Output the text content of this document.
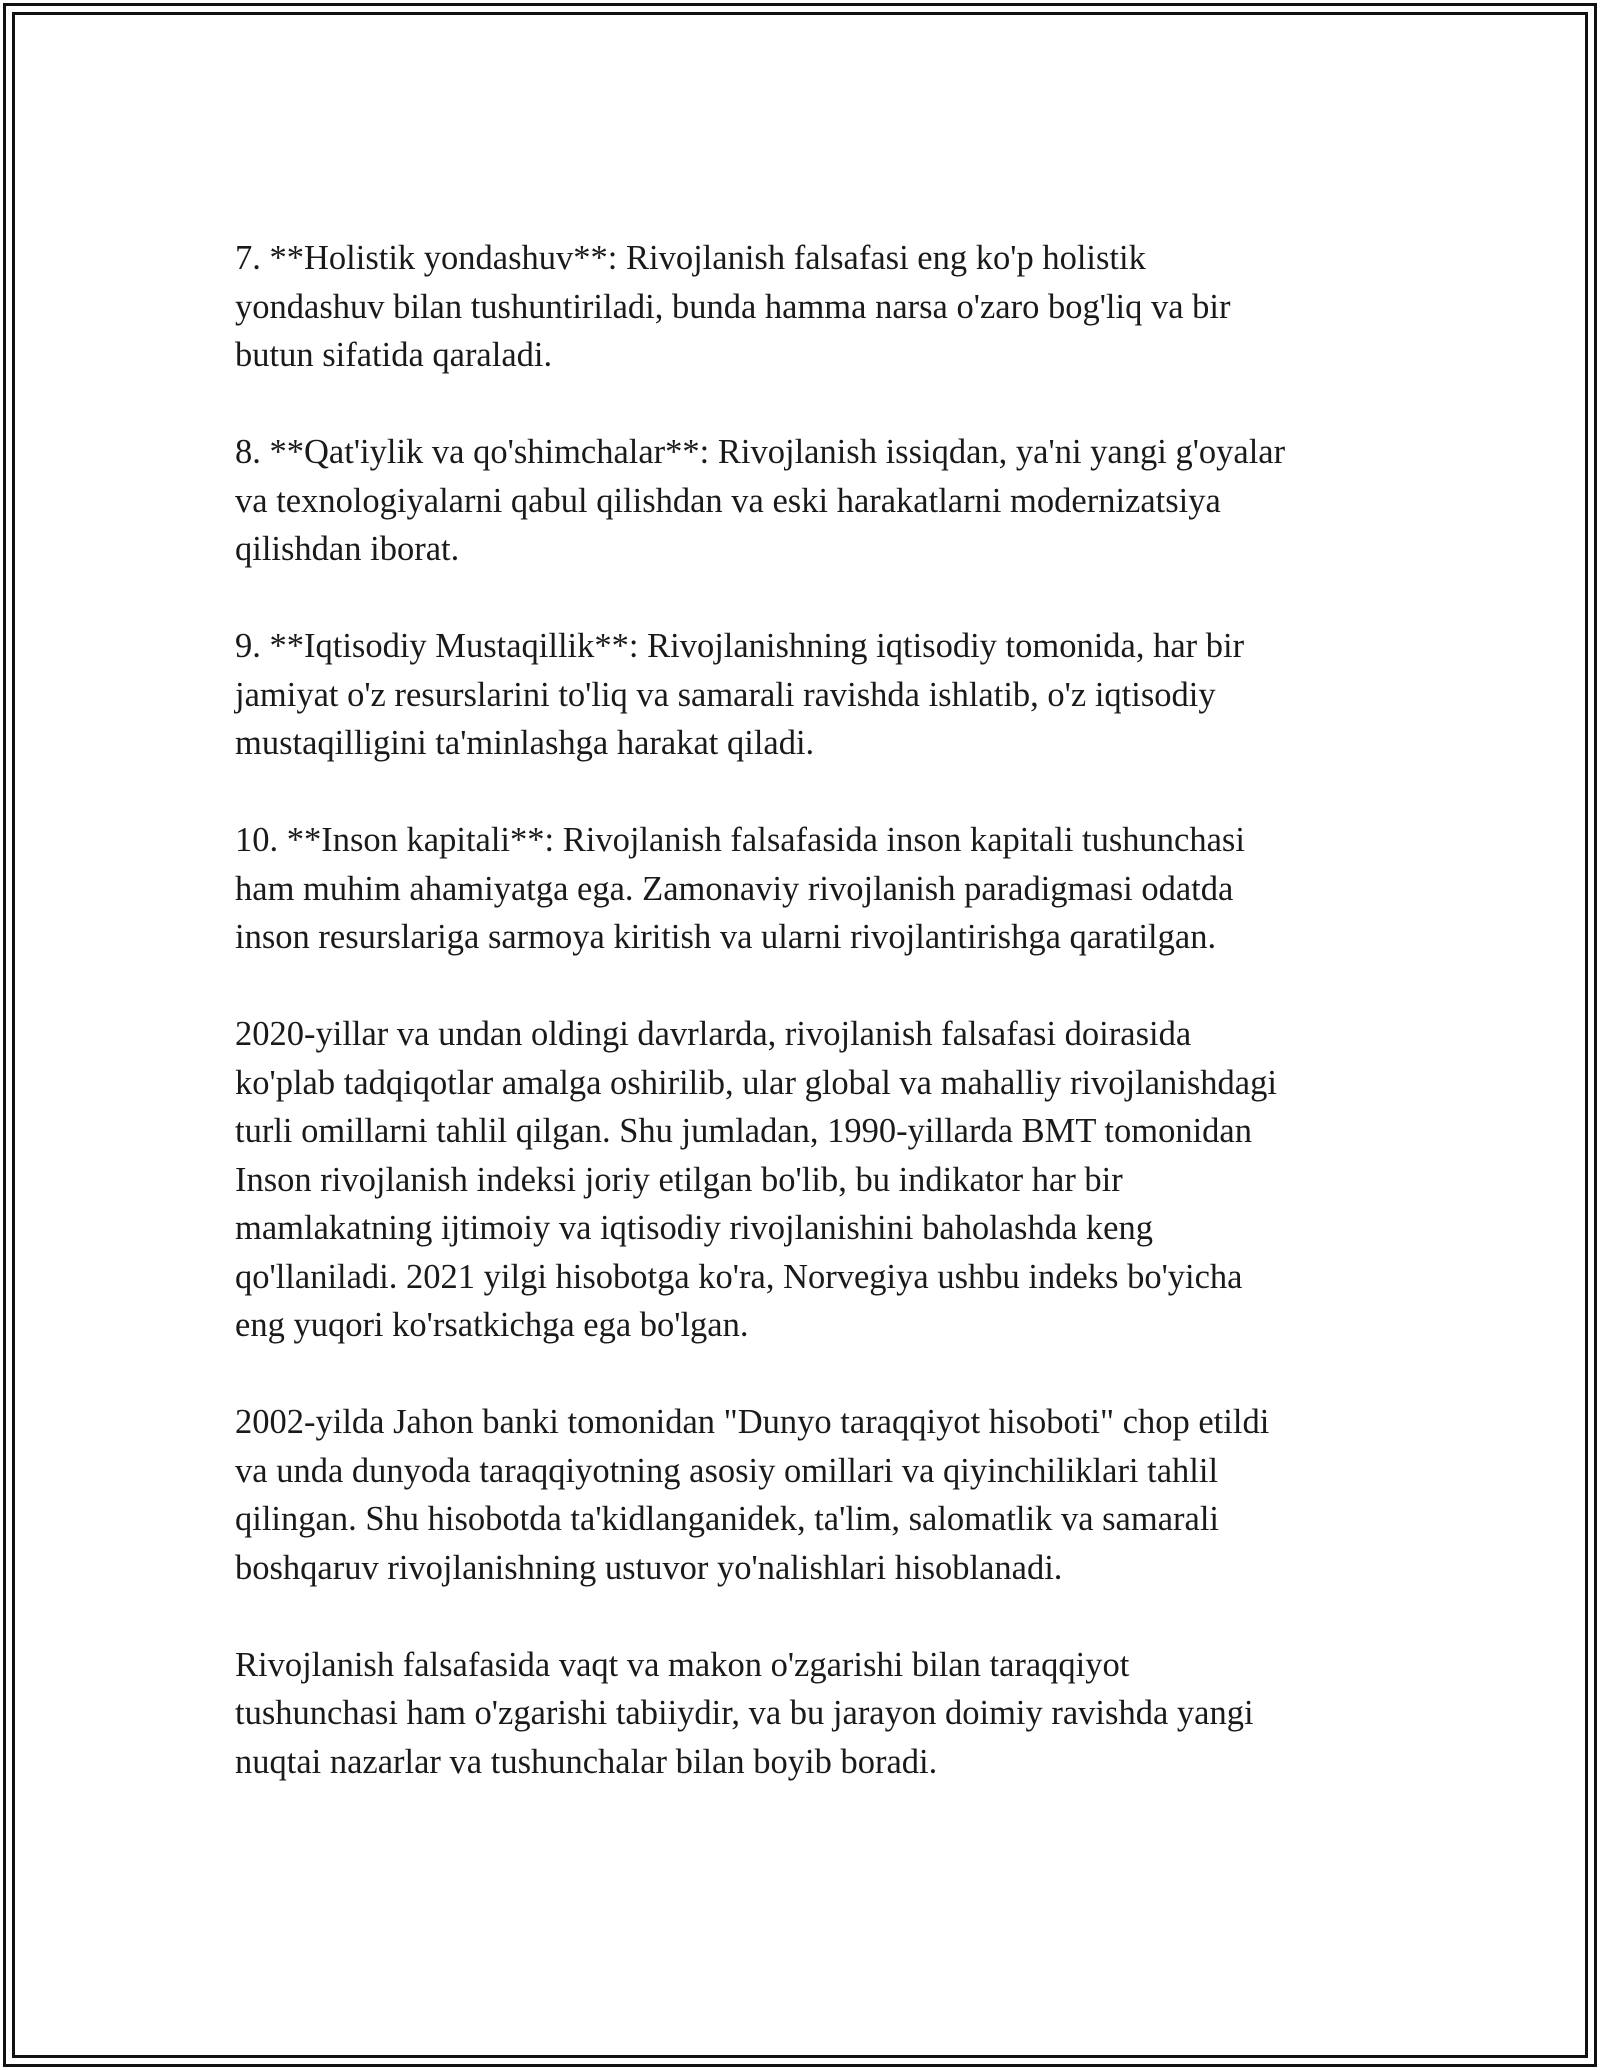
7. **Holistik yondashuv**: Rivojlanish falsafasi eng ko'p holistik
yondashuv bilan tushuntiriladi, bunda hamma narsa o'zaro bog'liq va bir
butun sifatida qaraladi.

8. **Qat'iylik va qo'shimchalar**: Rivojlanish issiqdan, ya'ni yangi g'oyalar
va texnologiyalarni qabul qilishdan va eski harakatlarni modernizatsiya
qilishdan iborat.

9. **Iqtisodiy Mustaqillik**: Rivojlanishning iqtisodiy tomonida, har bir
jamiyat o'z resurslarini to'liq va samarali ravishda ishlatib, o'z iqtisodiy
mustaqilligini ta'minlashga harakat qiladi.

10. **Inson kapitali**: Rivojlanish falsafasida inson kapitali tushunchasi
ham muhim ahamiyatga ega. Zamonaviy rivojlanish paradigmasi odatda
inson resurslariga sarmoya kiritish va ularni rivojlantirishga qaratilgan.

2020-yillar va undan oldingi davrlarda, rivojlanish falsafasi doirasida
ko'plab tadqiqotlar amalga oshirilib, ular global va mahalliy rivojlanishdagi
turli omillarni tahlil qilgan. Shu jumladan, 1990-yillarda BMT tomonidan
Inson rivojlanish indeksi joriy etilgan bo'lib, bu indikator har bir
mamlakatning ijtimoiy va iqtisodiy rivojlanishini baholashda keng
qo'llaniladi. 2021 yilgi hisobotga ko'ra, Norvegiya ushbu indeks bo'yicha
eng yuqori ko'rsatkichga ega bo'lgan.

2002-yilda Jahon banki tomonidan "Dunyo taraqqiyot hisoboti" chop etildi
va unda dunyoda taraqqiyotning asosiy omillari va qiyinchiliklari tahlil
qilingan. Shu hisobotda ta'kidlanganidek, ta'lim, salomatlik va samarali
boshqaruv rivojlanishning ustuvor yo'nalishlari hisoblanadi.

Rivojlanish falsafasida vaqt va makon o'zgarishi bilan taraqqiyot
tushunchasi ham o'zgarishi tabiiydir, va bu jarayon doimiy ravishda yangi
nuqtai nazarlar va tushunchalar bilan boyib boradi.
